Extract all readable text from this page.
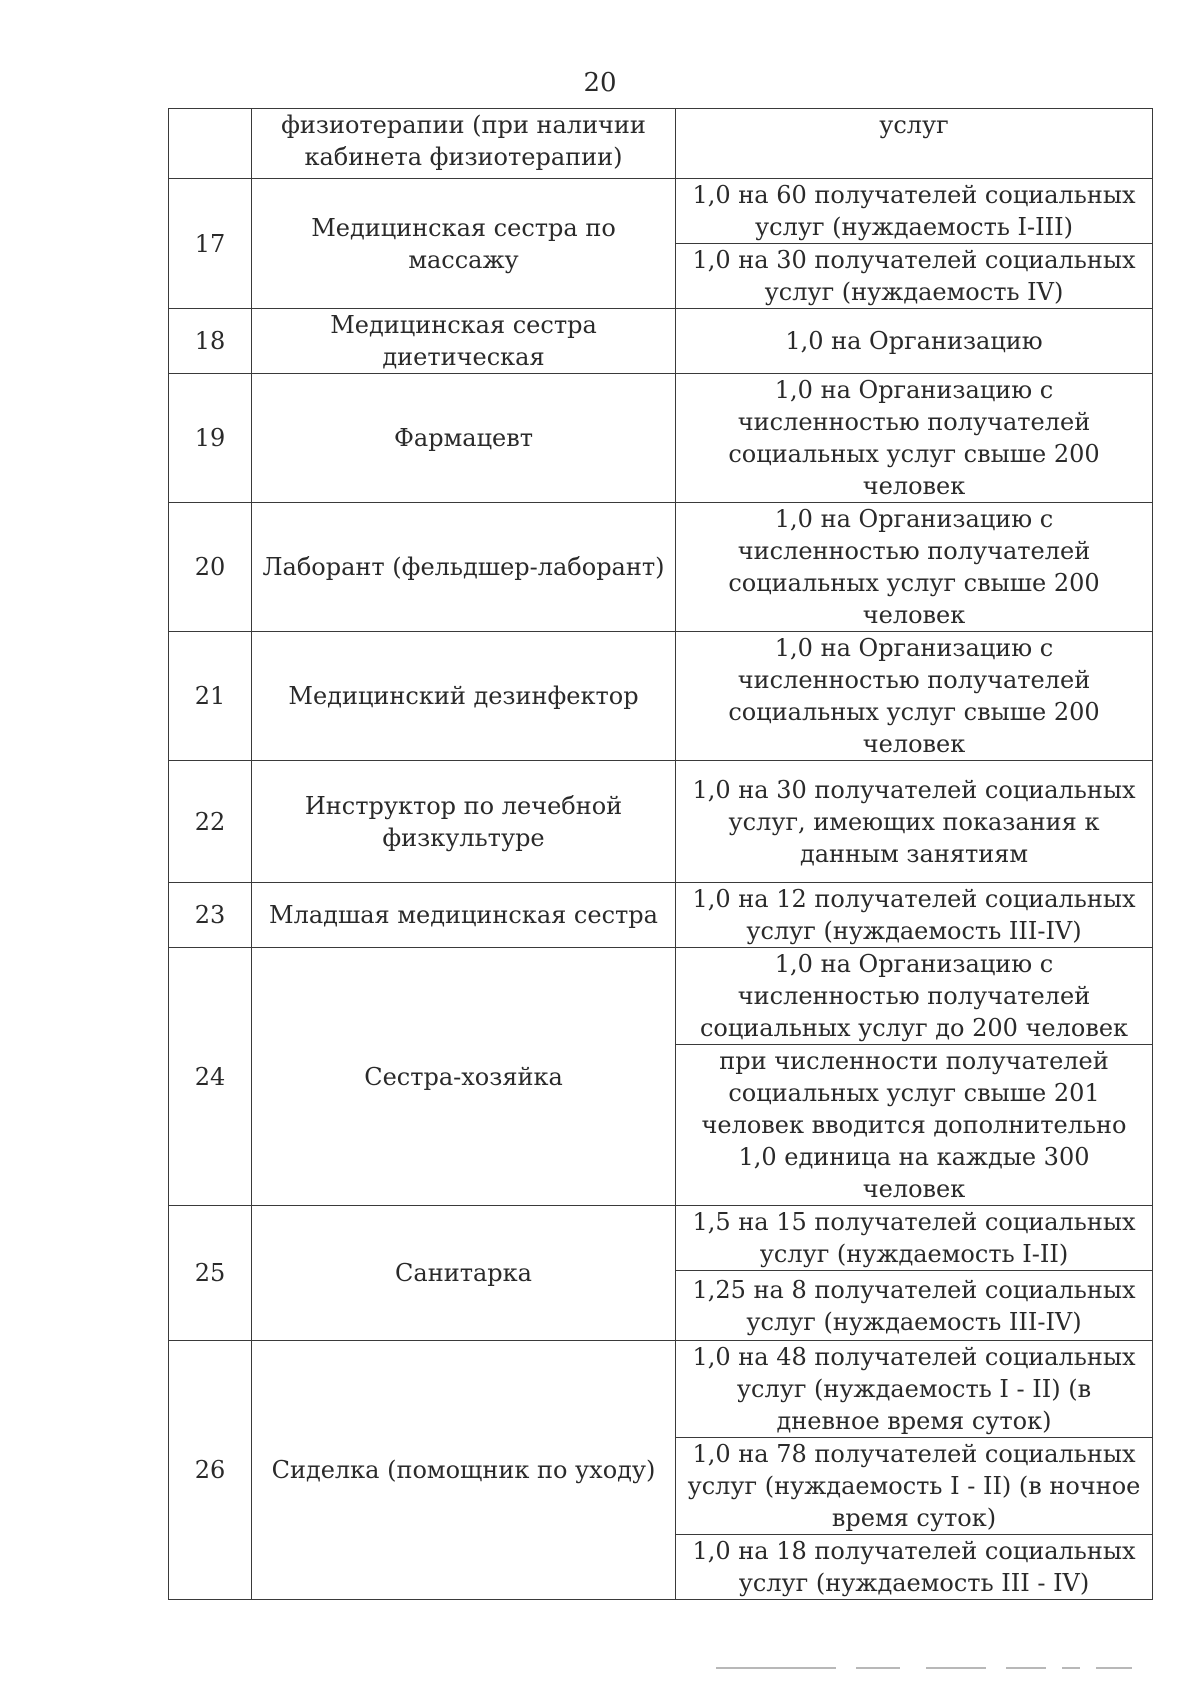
20
	физиотерапии (при наличии кабинета физиотерапии)	услуг
17	Медицинская сестра по массажу	1,0 на 60 получателей социальных услуг (нуждаемость I-III)
		1,0 на 30 получателей социальных услуг (нуждаемость IV)
18	Медицинская сестра диетическая	1,0 на Организацию
19	Фармацевт	1,0 на Организацию с численностью получателей социальных услуг свыше 200 человек
20	Лаборант (фельдшер-лаборант)	1,0 на Организацию с численностью получателей социальных услуг свыше 200 человек
21	Медицинский дезинфектор	1,0 на Организацию с численностью получателей социальных услуг свыше 200 человек
22	Инструктор по лечебной физкультуре	1,0 на 30 получателей социальных услуг, имеющих показания к данным занятиям
23	Младшая медицинская сестра	1,0 на 12 получателей социальных услуг (нуждаемость III-IV)
24	Сестра-хозяйка	1,0 на Организацию с численностью получателей социальных услуг до 200 человек
		при численности получателей социальных услуг свыше 201 человек вводится дополнительно 1,0 единица на каждые 300 человек
25	Санитарка	1,5 на 15 получателей социальных услуг (нуждаемость I-II)
		1,25 на 8 получателей социальных услуг (нуждаемость III-IV)
26	Сиделка (помощник по уходу)	1,0 на 48 получателей социальных услуг (нуждаемость I - II) (в дневное время суток)
		1,0 на 78 получателей социальных услуг (нуждаемость I - II) (в ночное время суток)
		1,0 на 18 получателей социальных услуг (нуждаемость III - IV)
